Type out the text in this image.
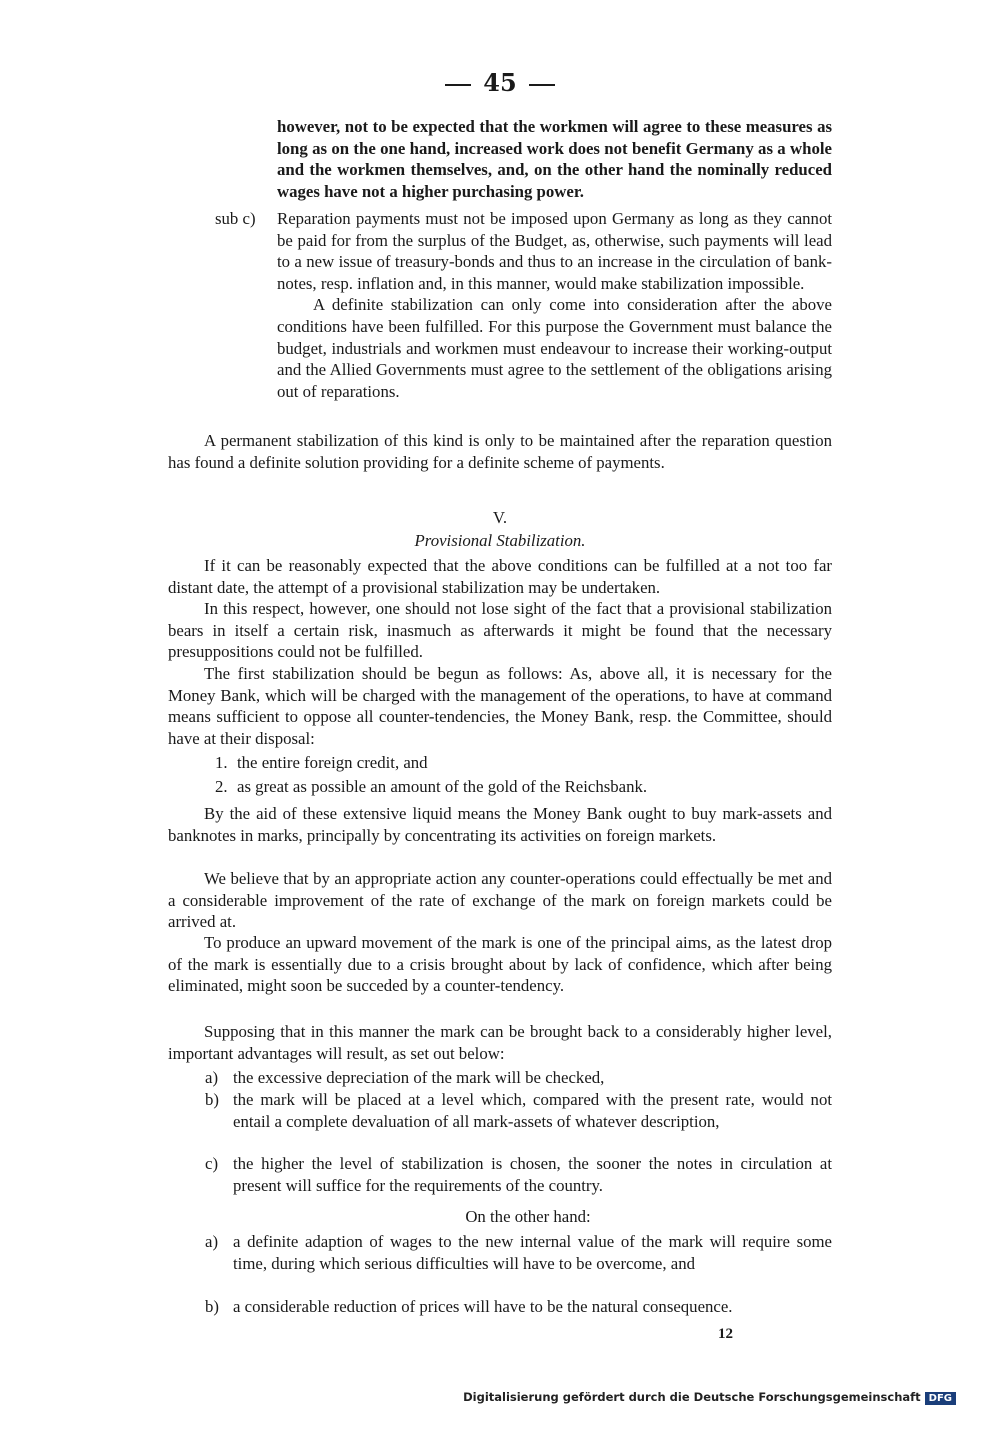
45

however, not to be expected that the workmen will agree to these measures as long as on the one hand, increased work does not benefit Germany as a whole and the workmen themselves, and, on the other hand the nominally reduced wages have not a higher purchasing power.

sub c) Reparation payments must not be imposed upon Germany as long as they cannot be paid for from the surplus of the Budget, as, otherwise, such payments will lead to a new issue of treasury-bonds and thus to an increase in the circulation of bank-notes, resp. inflation and, in this manner, would make stabilization impossible.

A definite stabilization can only come into consideration after the above conditions have been fulfilled. For this purpose the Government must balance the budget, industrials and workmen must endeavour to increase their working-output and the Allied Governments must agree to the settlement of the obligations arising out of reparations.

A permanent stabilization of this kind is only to be maintained after the reparation question has found a definite solution providing for a definite scheme of payments.
V.
Provisional Stabilization.
If it can be reasonably expected that the above conditions can be fulfilled at a not too far distant date, the attempt of a provisional stabilization may be undertaken.
In this respect, however, one should not lose sight of the fact that a provisional stabilization bears in itself a certain risk, inasmuch as afterwards it might be found that the necessary presuppositions could not be fulfilled.
The first stabilization should be begun as follows: As, above all, it is necessary for the Money Bank, which will be charged with the management of the operations, to have at command means sufficient to oppose all counter-tendencies, the Money Bank, resp. the Committee, should have at their disposal:
1. the entire foreign credit, and
2. as great as possible an amount of the gold of the Reichsbank.
By the aid of these extensive liquid means the Money Bank ought to buy mark-assets and banknotes in marks, principally by concentrating its activities on foreign markets.
We believe that by an appropriate action any counter-operations could effectually be met and a considerable improvement of the rate of exchange of the mark on foreign markets could be arrived at.
To produce an upward movement of the mark is one of the principal aims, as the latest drop of the mark is essentially due to a crisis brought about by lack of confidence, which after being eliminated, might soon be succeded by a counter-tendency.
Supposing that in this manner the mark can be brought back to a considerably higher level, important advantages will result, as set out below:
a) the excessive depreciation of the mark will be checked,
b) the mark will be placed at a level which, compared with the present rate, would not entail a complete devaluation of all mark-assets of whatever description,
c) the higher the level of stabilization is chosen, the sooner the notes in circulation at present will suffice for the requirements of the country.
On the other hand:
a) a definite adaption of wages to the new internal value of the mark will require some time, during which serious difficulties will have to be overcome, and
b) a considerable reduction of prices will have to be the natural consequence.
12
Digitalisierung gefördert durch die Deutsche Forschungsgemeinschaft DFG
